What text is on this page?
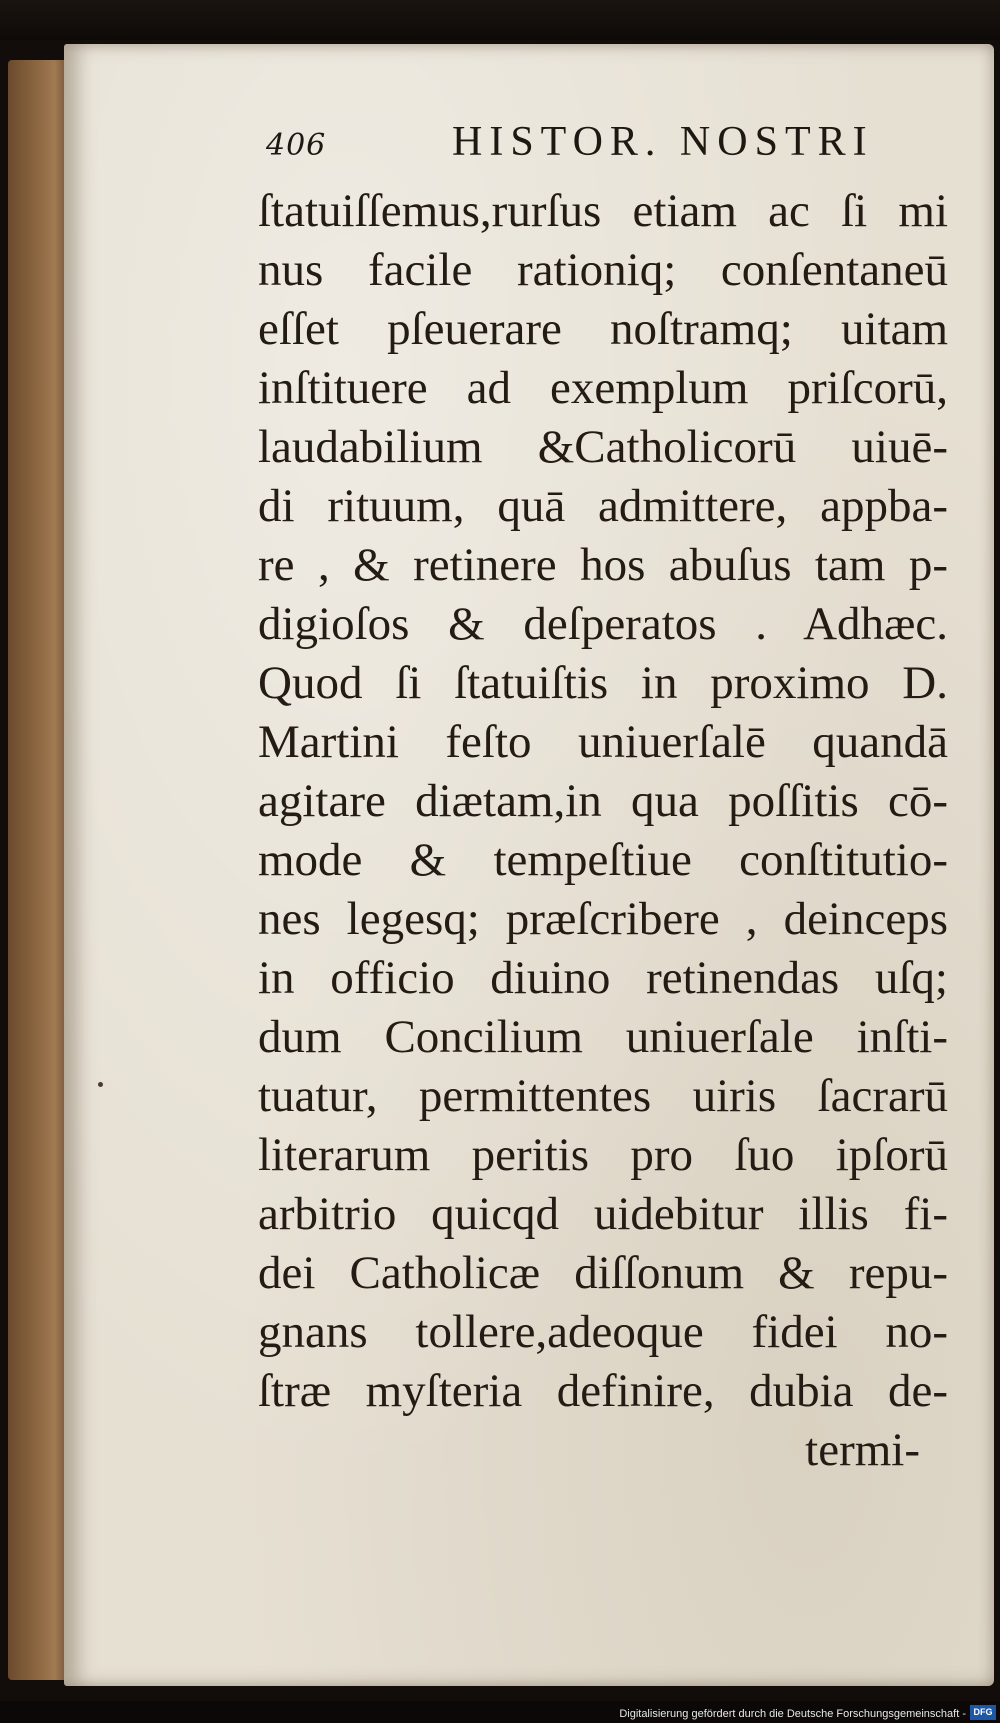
406	HISTOR. NOSTRI
ſtatuiſſemus,rurſus etiam ac ſi mi
nus facile rationiq; conſentaneū
eſſet pſeuerare noſtramq; uitam
inſtituere ad exemplum priſcorū,
laudabilium &Catholicorū uiuē-
di rituum, quā admittere, appba-
re , & retinere hos abuſus tam p-
digioſos & deſperatos . Adhæc.
Quod ſi ſtatuiſtis in proximo D.
Martini feſto uniuerſalē quandā
agitare diætam,in qua poſſitis cō-
mode & tempeſtiue conſtitutio-
nes legesq; præſcribere , deinceps
in officio diuino retinendas uſq;
dum Concilium uniuerſale inſti-
tuatur, permittentes uiris ſacrarū
literarum peritis pro ſuo ipſorū
arbitrio quicqd uidebitur illis fi-
dei Catholicæ diſſonum & repu-
gnans tollere,adeoque fidei no-
ſtræ myſteria definire, dubia de-
termi-
Digitalisierung gefördert durch die Deutsche Forschungsgemeinschaft - DFG
